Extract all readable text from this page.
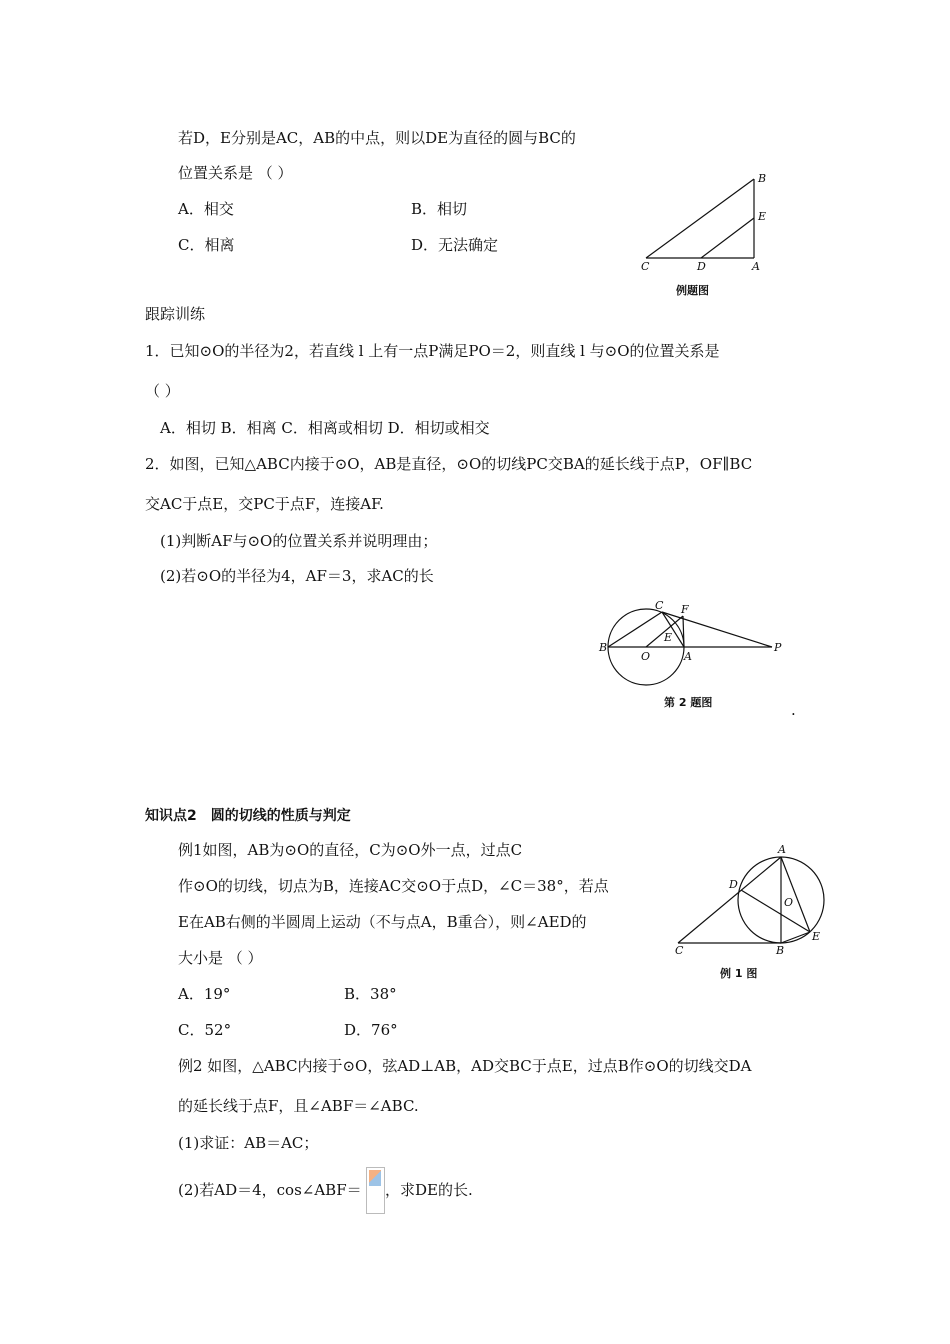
若D，E分别是AC，AB的中点，则以DE为直径的圆与BC的
位置关系是 （ ）
A．相交	B．相切
C．相离	D．无法确定
B
E
C	D	A
例题图
跟踪训练
1．已知⊙O的半径为2，若直线 l 上有一点P满足PO＝2，则直线 l 与⊙O的位置关系是
（ ）
A．相切 B．相离 C．相离或相切 D．相切或相交
2．如图，已知△ABC内接于⊙O，AB是直径，⊙O的切线PC交BA的延长线于点P，OF∥BC
交AC于点E，交PC于点F，连接AF.
(1)判断AF与⊙O的位置关系并说明理由；
(2)若⊙O的半径为4，AF＝3，求AC的长
C F
E
B
O	A
P
第 2 题图	.
知识点2　圆的切线的性质与判定
例1如图，AB为⊙O的直径，C为⊙O外一点，过点C
作⊙O的切线，切点为B，连接AC交⊙O于点D，∠C＝38°，若点
E在AB右侧的半圆周上运动（不与点A，B重合），则∠AED的
大小是 （ ）
A．19°	B．38°
C．52°	D．76°
A
D
O
C	B
E
例 1 图
例2 如图，△ABC内接于⊙O，弦AD⊥AB，AD交BC于点E，过点B作⊙O的切线交DA
的延长线于点F，且∠ABF＝∠ABC.
(1)求证：AB＝AC；
(2)若AD＝4，cos∠ABF＝ ，求DE的长.
